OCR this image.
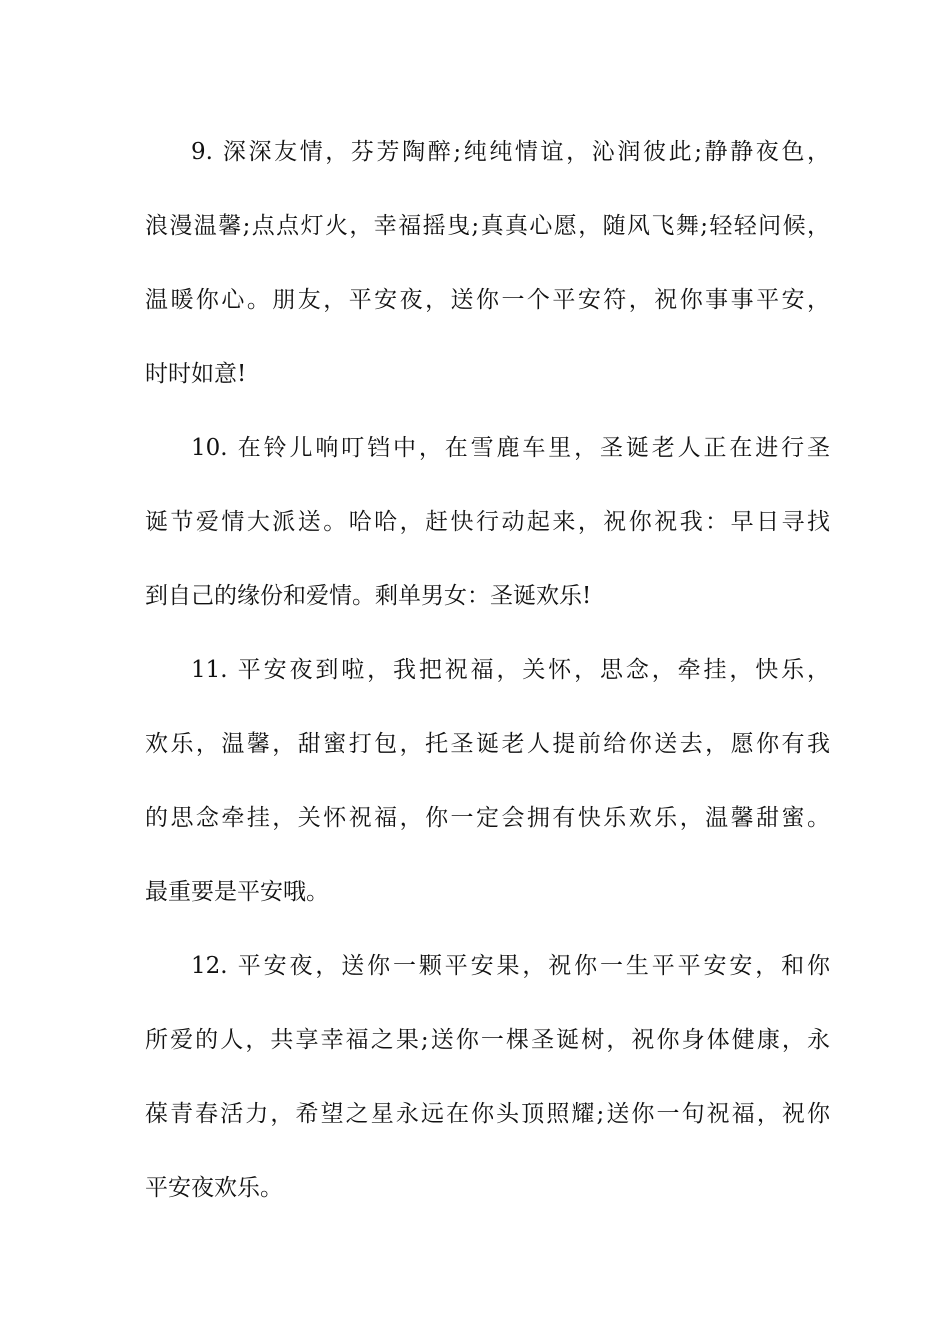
9. 深深友情，芬芳陶醉;纯纯情谊，沁润彼此;静静夜色，
浪漫温馨;点点灯火，幸福摇曳;真真心愿，随风飞舞;轻轻问候，
温暖你心。朋友，平安夜，送你一个平安符，祝你事事平安，
时时如意!
10. 在铃儿响叮铛中，在雪鹿车里，圣诞老人正在进行圣
诞节爱情大派送。哈哈，赶快行动起来，祝你祝我：早日寻找
到自己的缘份和爱情。剩单男女：圣诞欢乐!
11. 平安夜到啦，我把祝福，关怀，思念，牵挂，快乐，
欢乐，温馨，甜蜜打包，托圣诞老人提前给你送去，愿你有我
的思念牵挂，关怀祝福，你一定会拥有快乐欢乐，温馨甜蜜。
最重要是平安哦。
12. 平安夜，送你一颗平安果，祝你一生平平安安，和你
所爱的人，共享幸福之果;送你一棵圣诞树，祝你身体健康，永
葆青春活力，希望之星永远在你头顶照耀;送你一句祝福，祝你
平安夜欢乐。
